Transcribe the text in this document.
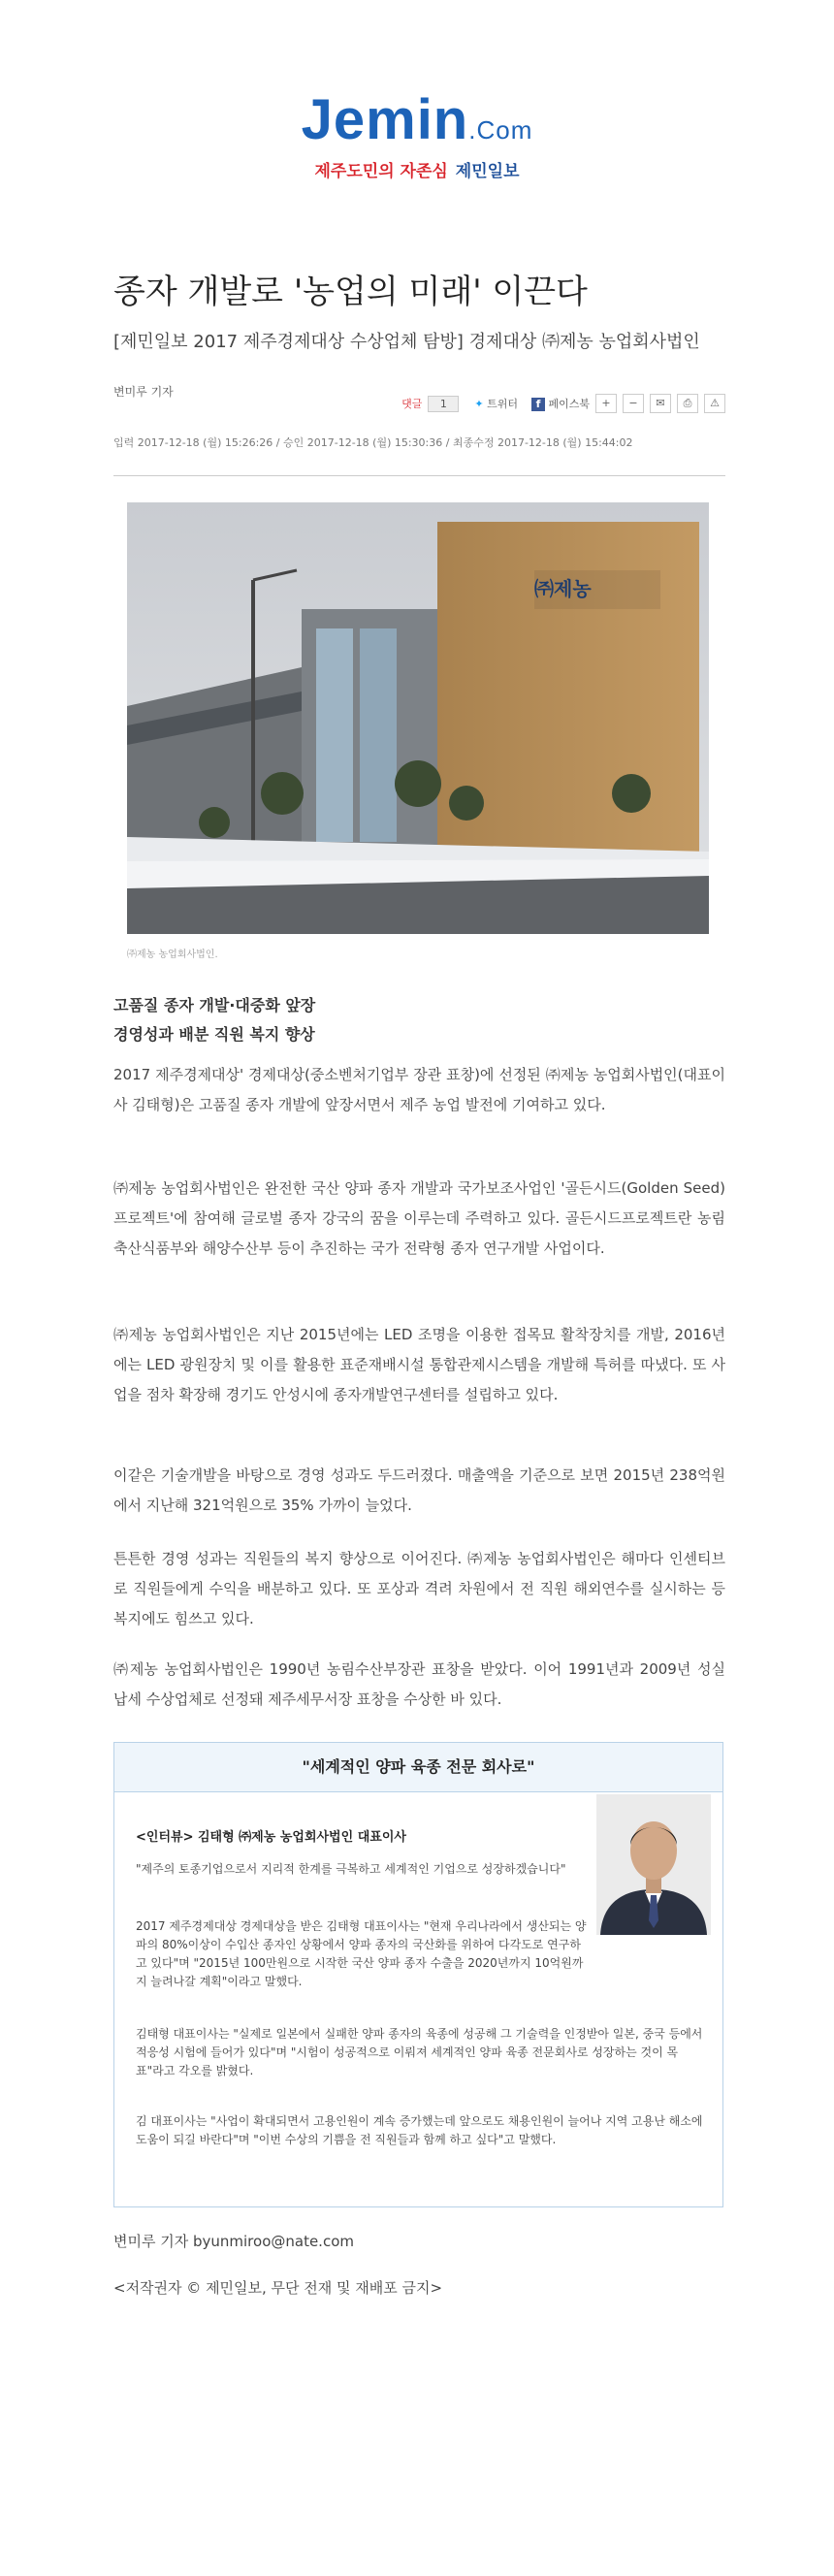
Jemin.Com
제주도민의 자존심 제민일보
종자 개발로 '농업의 미래' 이끈다
[제민일보 2017 제주경제대상 수상업체 탐방] 경제대상 ㈜제농 농업회사법인
변미루 기자
댓글	1	✦ 트위터	f 페이스북	+	−	✉	⎙	⚠
입력 2017-12-18 (월) 15:26:26 / 승인 2017-12-18 (월) 15:30:36 / 최종수정 2017-12-18 (월) 15:44:02
㈜제농
㈜제농 농업회사법인.
고품질 종자 개발·대중화 앞장
경영성과 배분 직원 복지 향상
2017 제주경제대상' 경제대상(중소벤처기업부 장관 표창)에 선정된 ㈜제농 농업회사법인(대표이사 김태형)은 고품질 종자 개발에 앞장서면서 제주 농업 발전에 기여하고 있다.
㈜제농 농업회사법인은 완전한 국산 양파 종자 개발과 국가보조사업인 '골든시드(Golden Seed)프로젝트'에 참여해 글로벌 종자 강국의 꿈을 이루는데 주력하고 있다. 골든시드프로젝트란 농림축산식품부와 해양수산부 등이 추진하는 국가 전략형 종자 연구개발 사업이다.
㈜제농 농업회사법인은 지난 2015년에는 LED 조명을 이용한 접목묘 활착장치를 개발, 2016년에는 LED 광원장치 및 이를 활용한 표준재배시설 통합관제시스템을 개발해 특허를 따냈다. 또 사업을 점차 확장해 경기도 안성시에 종자개발연구센터를 설립하고 있다.
이같은 기술개발을 바탕으로 경영 성과도 두드러졌다. 매출액을 기준으로 보면 2015년 238억원에서 지난해 321억원으로 35% 가까이 늘었다.
튼튼한 경영 성과는 직원들의 복지 향상으로 이어진다. ㈜제농 농업회사법인은 해마다 인센티브로 직원들에게 수익을 배분하고 있다. 또 포상과 격려 차원에서 전 직원 해외연수를 실시하는 등 복지에도 힘쓰고 있다.
㈜제농 농업회사법인은 1990년 농림수산부장관 표창을 받았다. 이어 1991년과 2009년 성실 납세 수상업체로 선정돼 제주세무서장 표창을 수상한 바 있다.
"세계적인 양파 육종 전문 회사로"
<인터뷰> 김태형 ㈜제농 농업회사법인 대표이사
"제주의 토종기업으로서 지리적 한계를 극복하고 세계적인 기업으로 성장하겠습니다"
2017 제주경제대상 경제대상을 받은 김태형 대표이사는 "현재 우리나라에서 생산되는 양파의 80%이상이 수입산 종자인 상황에서 양파 종자의 국산화를 위하여 다각도로 연구하고 있다"며 "2015년 100만원으로 시작한 국산 양파 종자 수출을 2020년까지 10억원까지 늘려나갈 계획"이라고 말했다.
김태형 대표이사는 "실제로 일본에서 실패한 양파 종자의 육종에 성공해 그 기술력을 인정받아 일본, 중국 등에서 적응성 시험에 들어가 있다"며 "시험이 성공적으로 이뤄져 세계적인 양파 육종 전문회사로 성장하는 것이 목표"라고 각오를 밝혔다.
김 대표이사는 "사업이 확대되면서 고용인원이 계속 증가했는데 앞으로도 채용인원이 늘어나 지역 고용난 해소에 도움이 되길 바란다"며 "이번 수상의 기쁨을 전 직원들과 함께 하고 싶다"고 말했다.
변미루 기자 byunmiroo@nate.com
<저작권자 © 제민일보, 무단 전재 및 재배포 금지>
